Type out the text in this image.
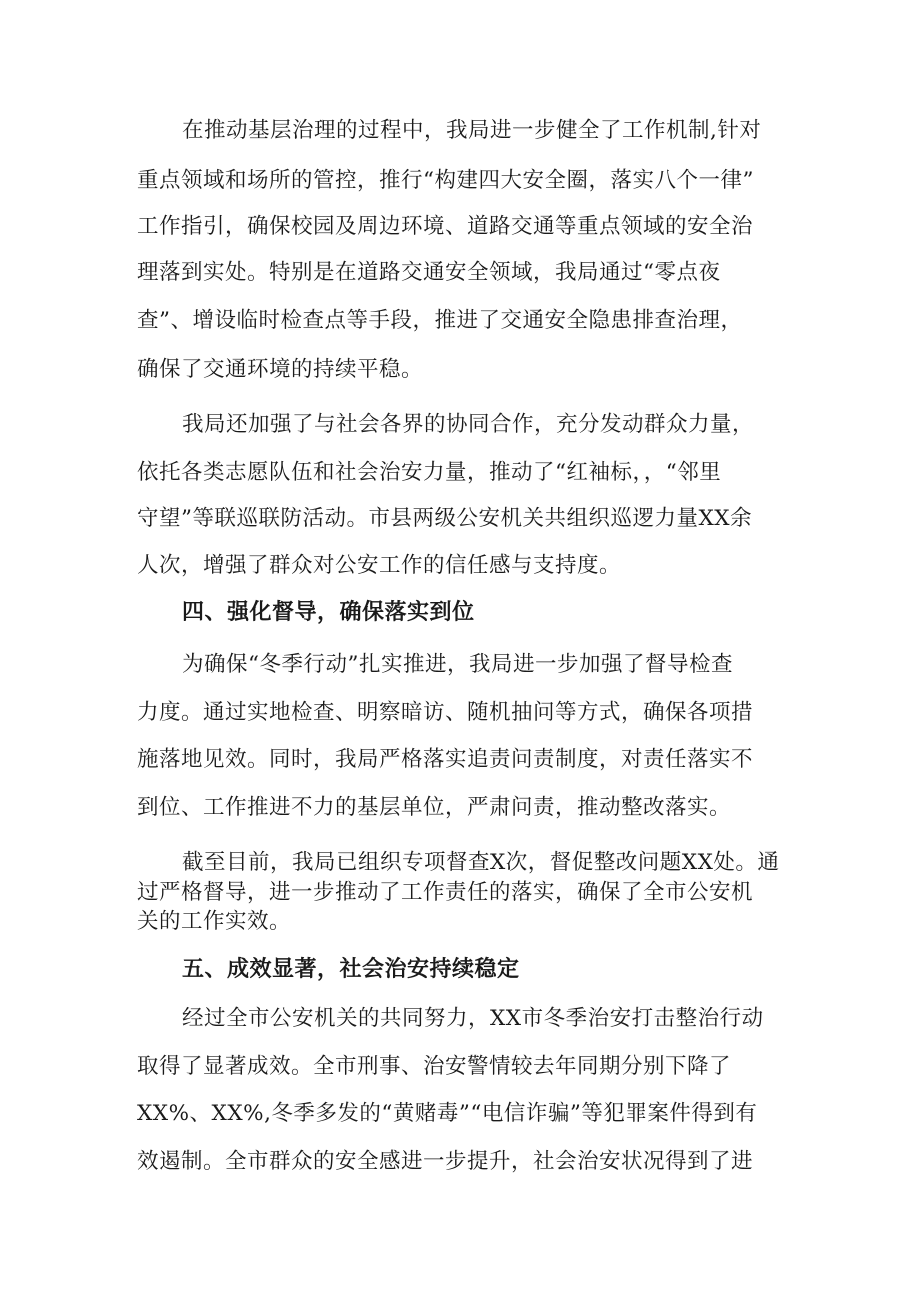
在推动基层治理的过程中，我局进一步健全了工作机制,针对
重点领域和场所的管控，推行“构建四大安全圈，落实八个一律”
工作指引，确保校园及周边环境、道路交通等重点领域的安全治
理落到实处。特别是在道路交通安全领域，我局通过“零点夜
查”、增设临时检查点等手段，推进了交通安全隐患排查治理，
确保了交通环境的持续平稳。
我局还加强了与社会各界的协同合作，充分发动群众力量，
依托各类志愿队伍和社会治安力量，推动了“红袖标，，“邻里
守望”等联巡联防活动。市县两级公安机关共组织巡逻力量XX余
人次，增强了群众对公安工作的信任感与支持度。
四、强化督导，确保落实到位
为确保“冬季行动”扎实推进，我局进一步加强了督导检查
力度。通过实地检查、明察暗访、随机抽问等方式，确保各项措
施落地见效。同时，我局严格落实追责问责制度，对责任落实不
到位、工作推进不力的基层单位，严肃问责，推动整改落实。
截至目前，我局已组织专项督查X次，督促整改问题XX处。通
过严格督导，进一步推动了工作责任的落实，确保了全市公安机
关的工作实效。
五、成效显著，社会治安持续稳定
经过全市公安机关的共同努力，XX市冬季治安打击整治行动
取得了显著成效。全市刑事、治安警情较去年同期分别下降了
XX%、XX%,冬季多发的“黄赌毒”“电信诈骗”等犯罪案件得到有
效遏制。全市群众的安全感进一步提升，社会治安状况得到了进
